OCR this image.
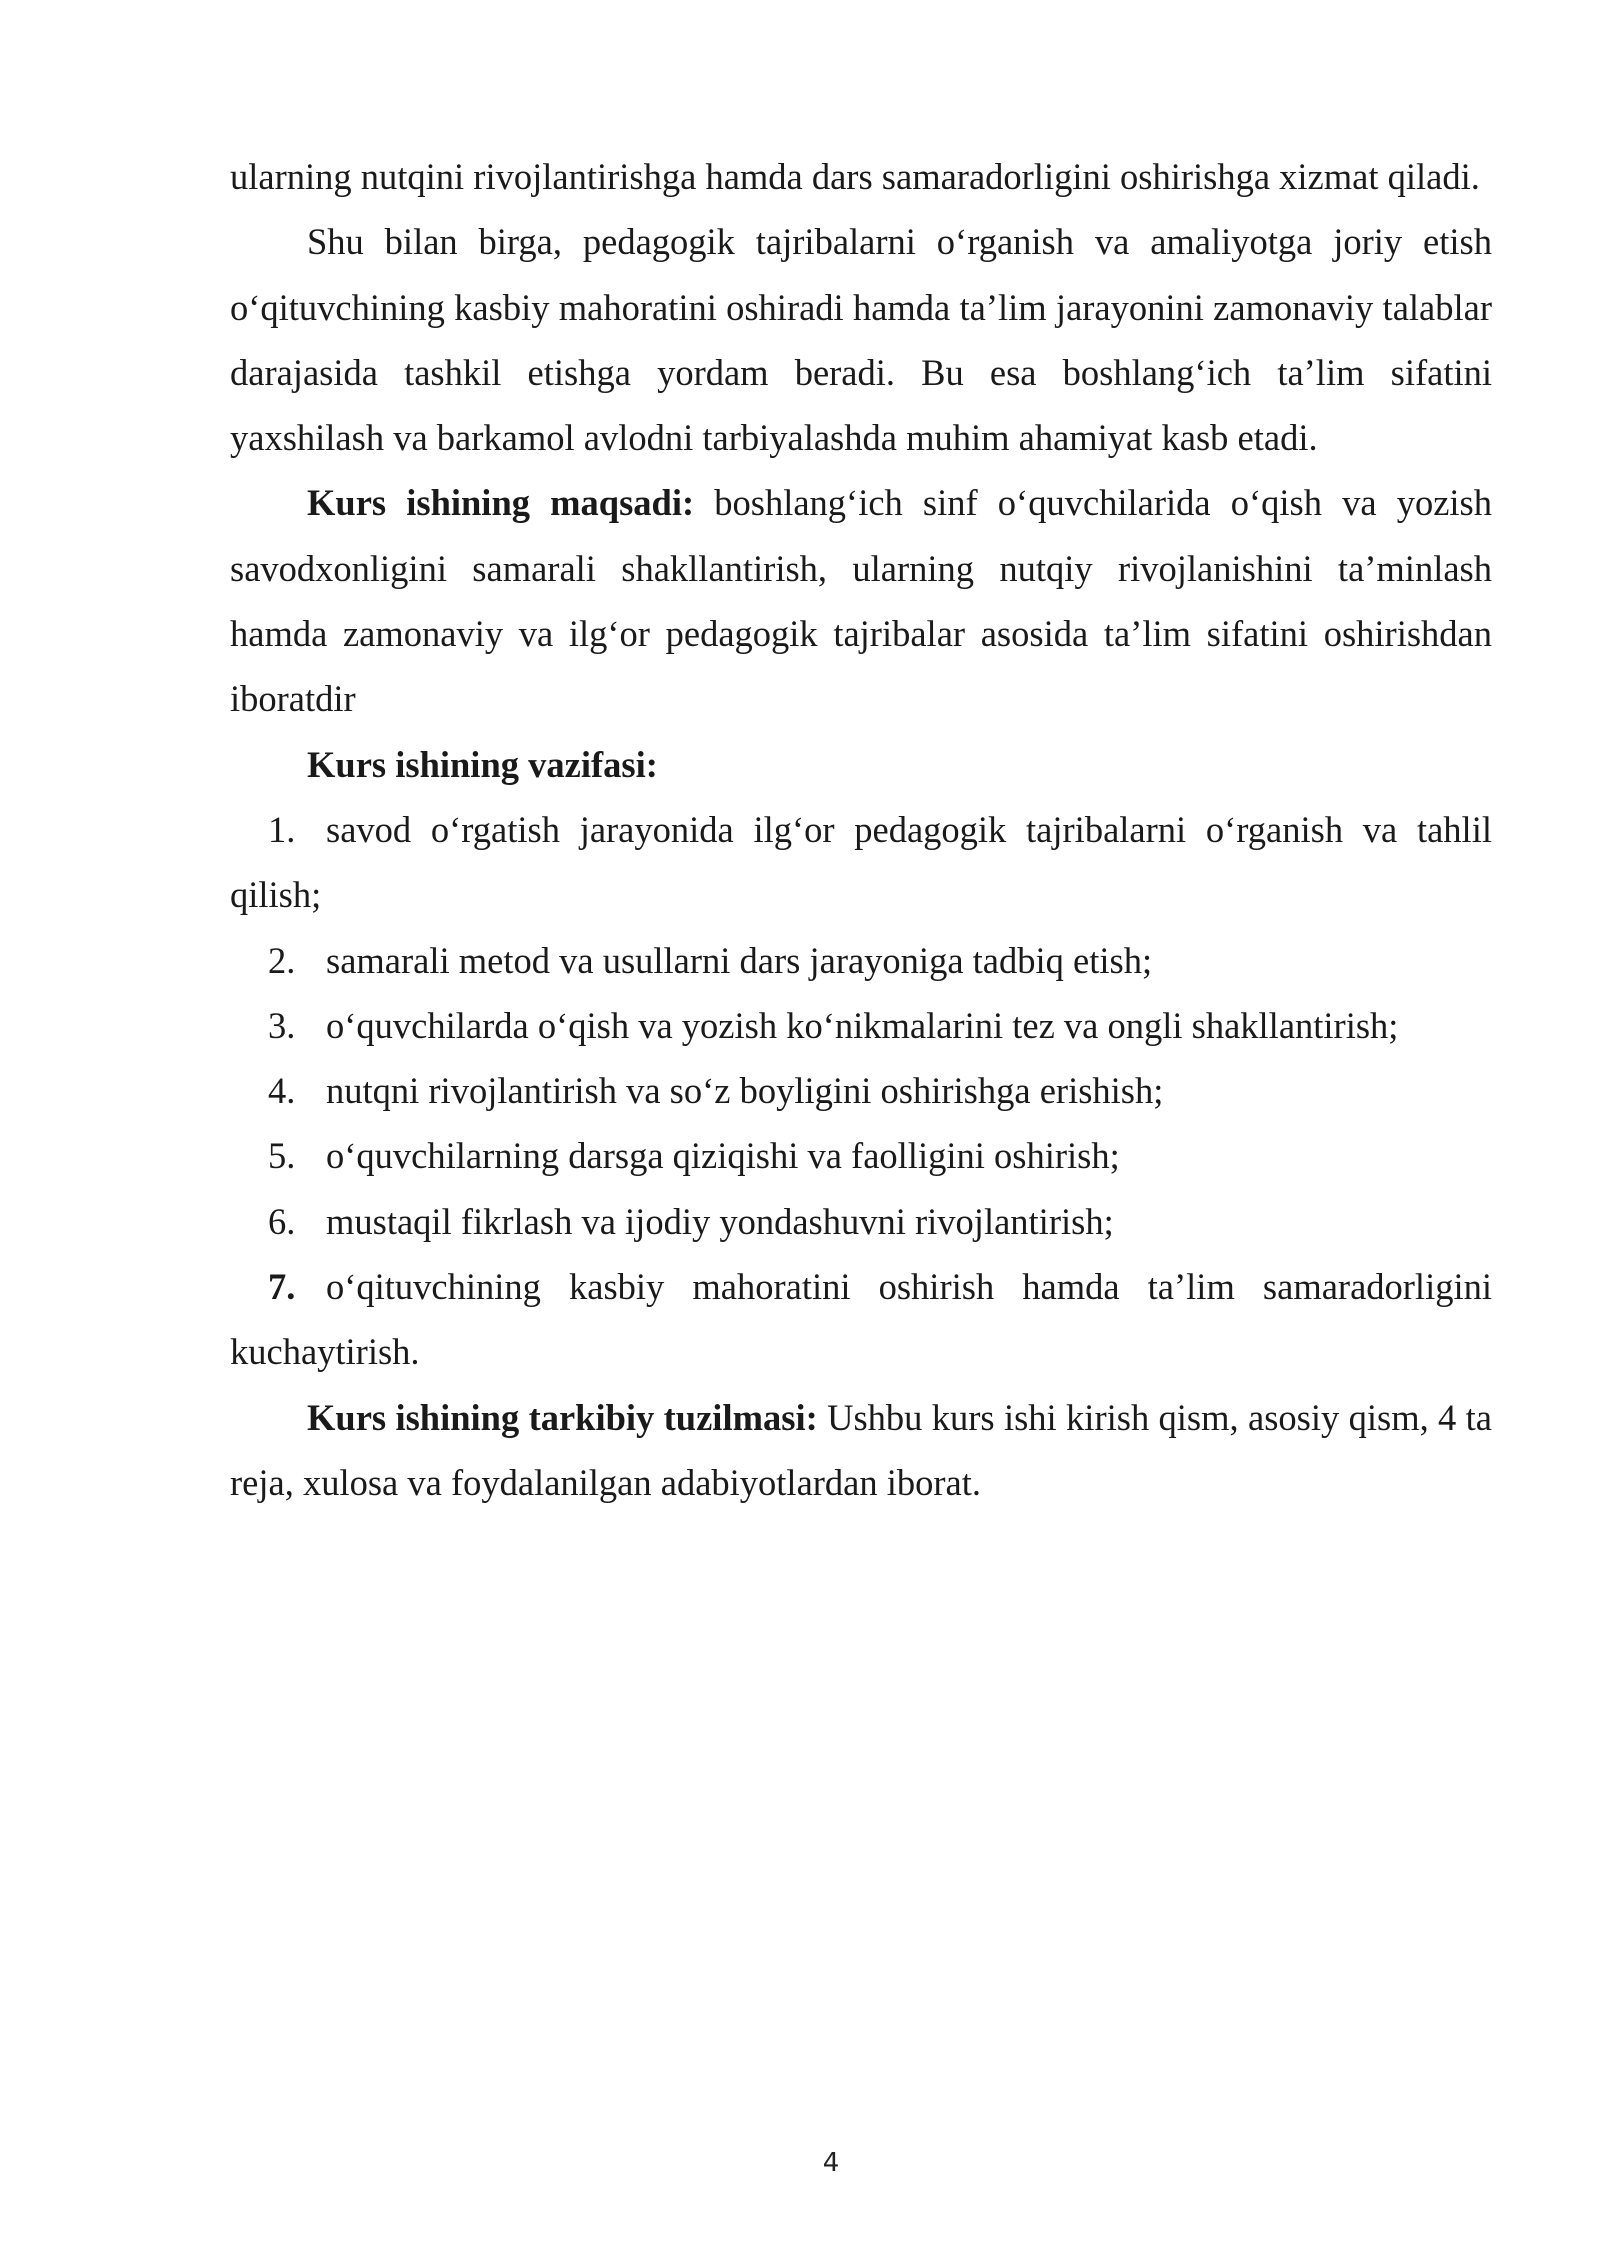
ularning nutqini rivojlantirishga hamda dars samaradorligini oshirishga xizmat qiladi.

Shu bilan birga, pedagogik tajribalarni o‘rganish va amaliyotga joriy etish o‘qituvchining kasbiy mahoratini oshiradi hamda ta’lim jarayonini zamonaviy talablar darajasida tashkil etishga yordam beradi. Bu esa boshlang‘ich ta’lim sifatini yaxshilash va barkamol avlodni tarbiyalashda muhim ahamiyat kasb etadi.

Kurs ishining maqsadi: boshlang‘ich sinf o‘quvchilarida o‘qish va yozish savodxonligini samarali shakllantirish, ularning nutqiy rivojlanishini ta’minlash hamda zamonaviy va ilg‘or pedagogik tajribalar asosida ta’lim sifatini oshirishdan iboratdir

Kurs ishining vazifasi:

1. savod o‘rgatish jarayonida ilg‘or pedagogik tajribalarni o‘rganish va tahlil qilish;

2. samarali metod va usullarni dars jarayoniga tadbiq etish;

3. o‘quvchilarda o‘qish va yozish ko‘nikmalarini tez va ongli shakllantirish;

4. nutqni rivojlantirish va so‘z boyligini oshirishga erishish;

5. o‘quvchilarning darsga qiziqishi va faolligini oshirish;

6. mustaqil fikrlash va ijodiy yondashuvni rivojlantirish;

7. o‘qituvchining kasbiy mahoratini oshirish hamda ta’lim samaradorligini kuchaytirish.

Kurs ishining tarkibiy tuzilmasi: Ushbu kurs ishi kirish qism, asosiy qism, 4 ta reja, xulosa va foydalanilgan adabiyotlardan iborat.

4
